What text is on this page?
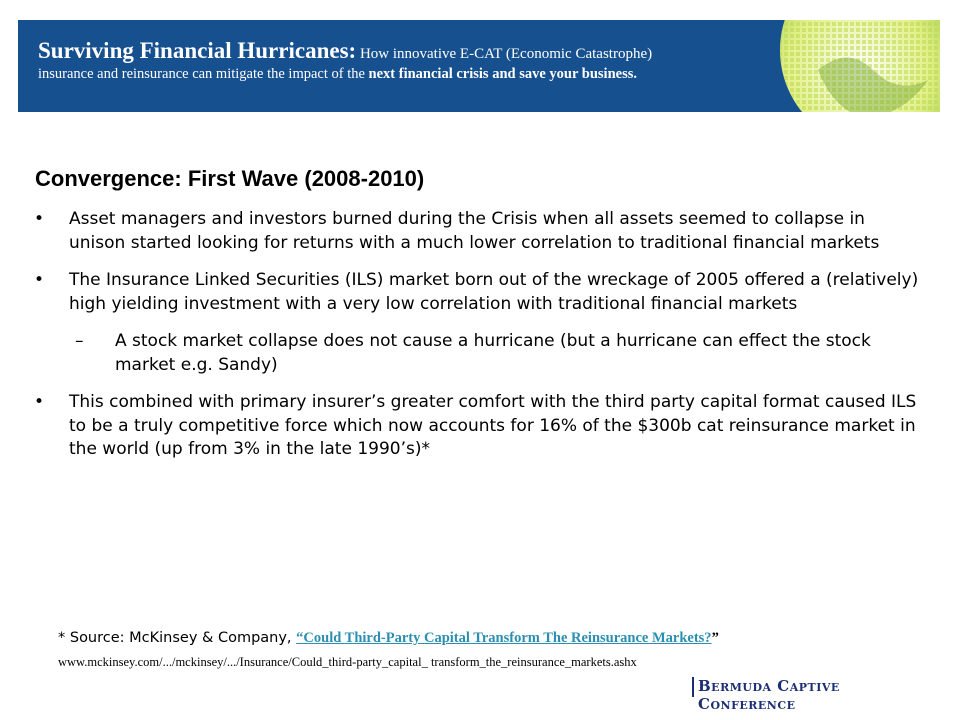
Surviving Financial Hurricanes: How innovative E-CAT (Economic Catastrophe)
insurance and reinsurance can mitigate the impact of the next financial crisis and save your business.
Convergence: First Wave (2008-2010)
•	Asset managers and investors burned during the Crisis when all assets seemed to collapse in unison started looking for returns with a much lower correlation to traditional financial markets
•	The Insurance Linked Securities (ILS) market born out of the wreckage of 2005 offered a (relatively) high yielding investment with a very low correlation with traditional financial markets
– A stock market collapse does not cause a hurricane (but a hurricane can effect the stock market e.g. Sandy)
•	This combined with primary insurer’s greater comfort with the third party capital format caused ILS to be a truly competitive force which now accounts for 16% of the $300b cat reinsurance market in the world (up from 3% in the late 1990’s)*
* Source: McKinsey & Company, “Could Third-Party Capital Transform The Reinsurance Markets?”
www.mckinsey.com/.../mckinsey/.../Insurance/Could_third-party_capital_ transform_the_reinsurance_markets.ashx
Bermuda Captive Conference
